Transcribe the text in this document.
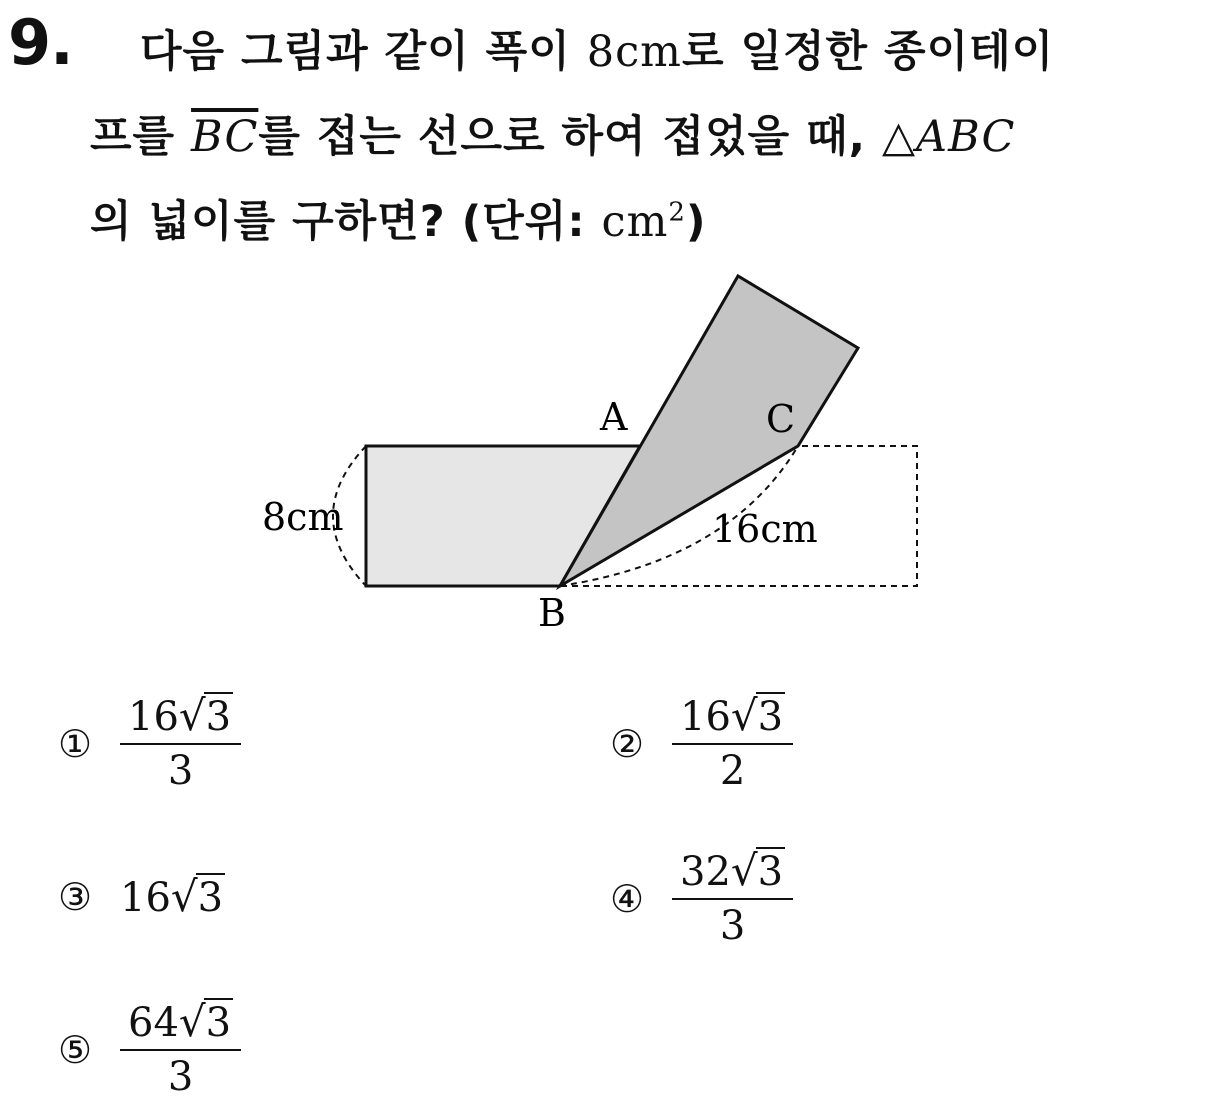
9. 다음 그림과 같이 폭이 8cm로 일정한 종이테이
프를 $\overline{BC}$를 접는 선으로 하여 접었을 때, △ABC
의 넓이를 구하면? (단위: $cm^2$)
A	C
B
8cm	16cm
① $\frac{16√3}{3}$	② $\frac{16√3}{2}$
③ 16√3	④ $\frac{32√3}{3}$
⑤ $\frac{64√3}{3}$
